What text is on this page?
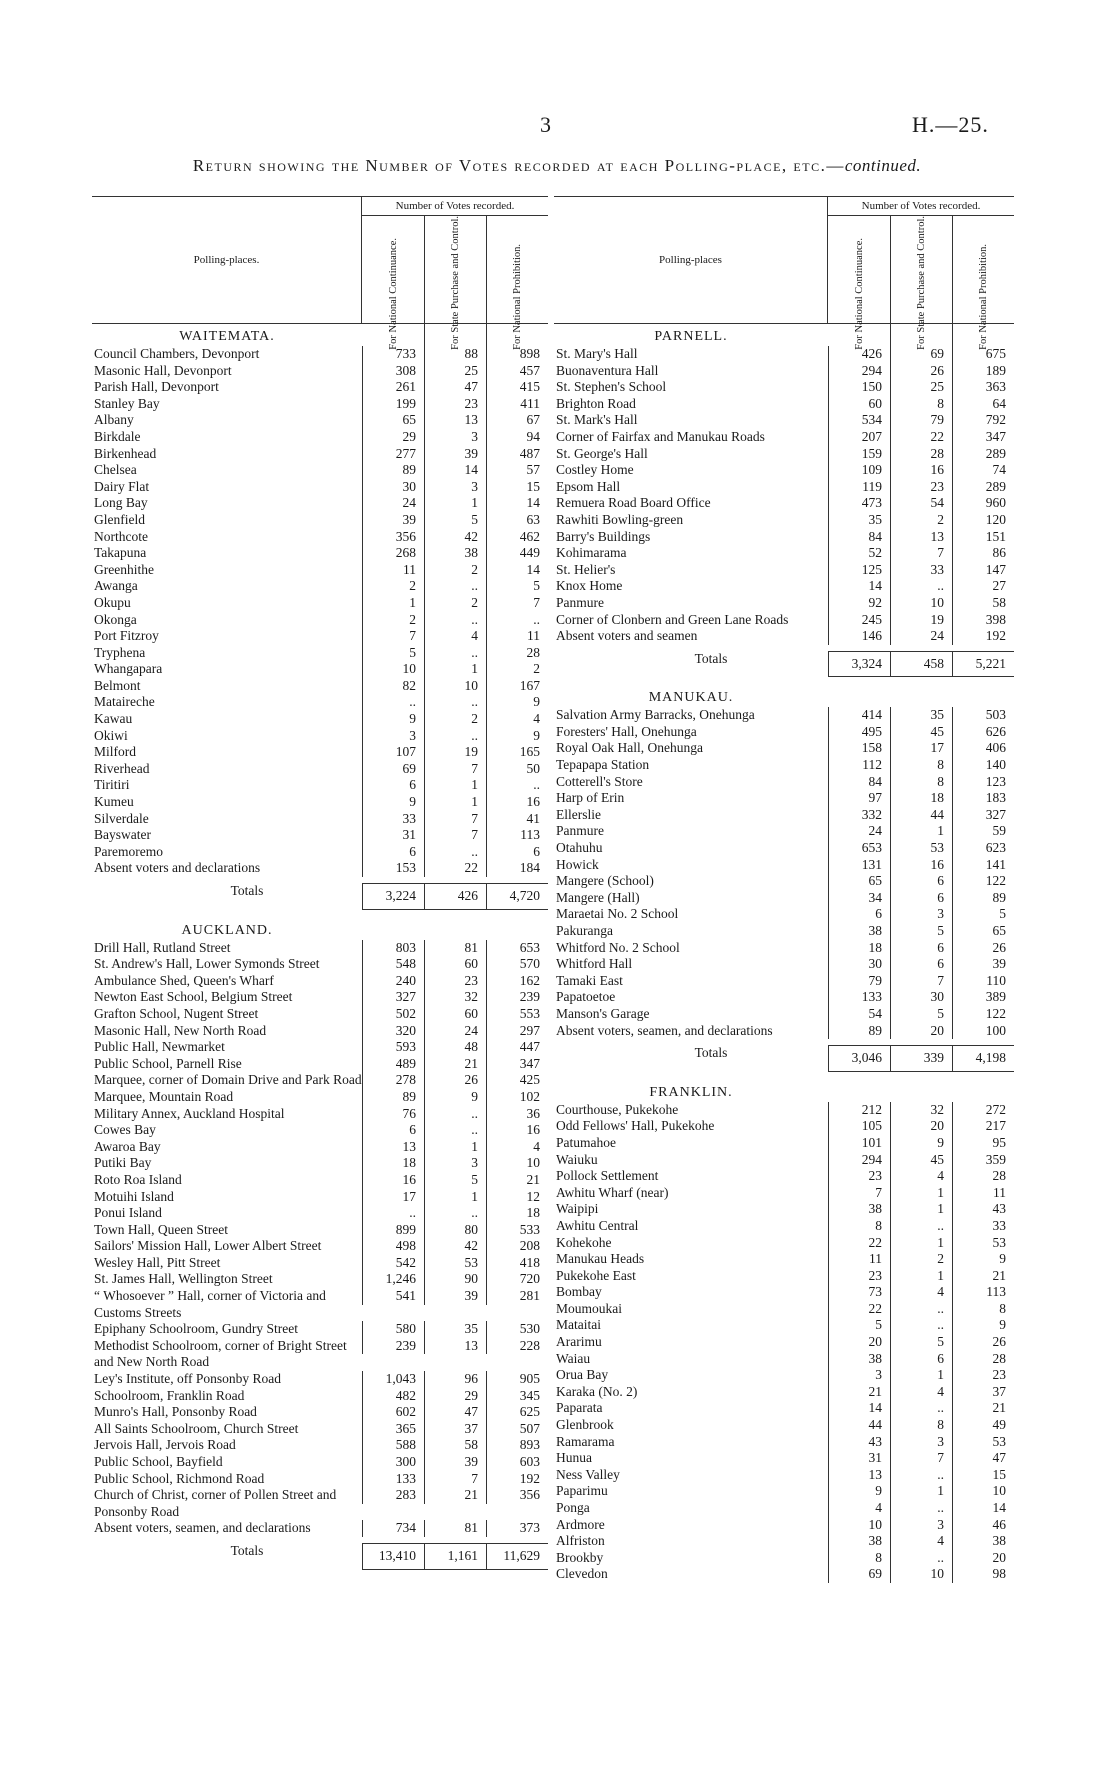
3	H.—25.
Return showing the Number of Votes recorded at each Polling-place, etc.—continued.
Polling-places.
Number of Votes recorded.
For National Continuance.	For State Purchase and Control.	For National Prohibition.
WAITEMATA.
Council Chambers, Devonport	733	88	898
Masonic Hall, Devonport	308	25	457
Parish Hall, Devonport	261	47	415
Stanley Bay	199	23	411
Albany	65	13	67
Birkdale	29	3	94
Birkenhead	277	39	487
Chelsea	89	14	57
Dairy Flat	30	3	15
Long Bay	24	1	14
Glenfield	39	5	63
Northcote	356	42	462
Takapuna	268	38	449
Greenhithe	11	2	14
Awanga	2	..	5
Okupu	1	2	7
Okonga	2	..	..
Port Fitzroy	7	4	11
Tryphena	5	..	28
Whangapara	10	1	2
Belmont	82	10	167
Mataireche	..	..	9
Kawau	9	2	4
Okiwi	3	..	9
Milford	107	19	165
Riverhead	69	7	50
Tiritiri	6	1	..
Kumeu	9	1	16
Silverdale	33	7	41
Bayswater	31	7	113
Paremoremo	6	..	6
Absent voters and declarations	153	22	184
Totals	3,224	426	4,720
AUCKLAND.
Drill Hall, Rutland Street	803	81	653
St. Andrew's Hall, Lower Symonds Street	548	60	570
Ambulance Shed, Queen's Wharf	240	23	162
Newton East School, Belgium Street	327	32	239
Grafton School, Nugent Street	502	60	553
Masonic Hall, New North Road	320	24	297
Public Hall, Newmarket	593	48	447
Public School, Parnell Rise	489	21	347
Marquee, corner of Domain Drive and Park Road	278	26	425
Marquee, Mountain Road	89	9	102
Military Annex, Auckland Hospital	76	..	36
Cowes Bay	6	..	16
Awaroa Bay	13	1	4
Putiki Bay	18	3	10
Roto Roa Island	16	5	21
Motuihi Island	17	1	12
Ponui Island	..	..	18
Town Hall, Queen Street	899	80	533
Sailors' Mission Hall, Lower Albert Street	498	42	208
Wesley Hall, Pitt Street	542	53	418
St. James Hall, Wellington Street	1,246	90	720
“ Whosoever ” Hall, corner of Victoria and Customs Streets
541	39	281
Epiphany Schoolroom, Gundry Street	580	35	530
Methodist Schoolroom, corner of Bright Street and New North Road
239	13	228
Ley's Institute, off Ponsonby Road	1,043	96	905
Schoolroom, Franklin Road	482	29	345
Munro's Hall, Ponsonby Road	602	47	625
All Saints Schoolroom, Church Street	365	37	507
Jervois Hall, Jervois Road	588	58	893
Public School, Bayfield	300	39	603
Public School, Richmond Road	133	7	192
Church of Christ, corner of Pollen Street and Ponsonby Road
283	21	356
Absent voters, seamen, and declarations	734	81	373
Totals	13,410	1,161	11,629
Polling-places
Number of Votes recorded.
For National Continuance.	For State Purchase and Control.	For National Prohibition.
PARNELL.
St. Mary's Hall	426	69	675
Buonaventura Hall	294	26	189
St. Stephen's School	150	25	363
Brighton Road	60	8	64
St. Mark's Hall	534	79	792
Corner of Fairfax and Manukau Roads	207	22	347
St. George's Hall	159	28	289
Costley Home	109	16	74
Epsom Hall	119	23	289
Remuera Road Board Office	473	54	960
Rawhiti Bowling-green	35	2	120
Barry's Buildings	84	13	151
Kohimarama	52	7	86
St. Helier's	125	33	147
Knox Home	14	..	27
Panmure	92	10	58
Corner of Clonbern and Green Lane Roads	245	19	398
Absent voters and seamen	146	24	192
Totals	3,324	458	5,221
MANUKAU.
Salvation Army Barracks, Onehunga	414	35	503
Foresters' Hall, Onehunga	495	45	626
Royal Oak Hall, Onehunga	158	17	406
Tepapapa Station	112	8	140
Cotterell's Store	84	8	123
Harp of Erin	97	18	183
Ellerslie	332	44	327
Panmure	24	1	59
Otahuhu	653	53	623
Howick	131	16	141
Mangere (School)	65	6	122
Mangere (Hall)	34	6	89
Maraetai No. 2 School	6	3	5
Pakuranga	38	5	65
Whitford No. 2 School	18	6	26
Whitford Hall	30	6	39
Tamaki East	79	7	110
Papatoetoe	133	30	389
Manson's Garage	54	5	122
Absent voters, seamen, and declarations	89	20	100
Totals	3,046	339	4,198
FRANKLIN.
Courthouse, Pukekohe	212	32	272
Odd Fellows' Hall, Pukekohe	105	20	217
Patumahoe	101	9	95
Waiuku	294	45	359
Pollock Settlement	23	4	28
Awhitu Wharf (near)	7	1	11
Waipipi	38	1	43
Awhitu Central	8	..	33
Kohekohe	22	1	53
Manukau Heads	11	2	9
Pukekohe East	23	1	21
Bombay	73	4	113
Moumoukai	22	..	8
Mataitai	5	..	9
Ararimu	20	5	26
Waiau	38	6	28
Orua Bay	3	1	23
Karaka (No. 2)	21	4	37
Paparata	14	..	21
Glenbrook	44	8	49
Ramarama	43	3	53
Hunua	31	7	47
Ness Valley	13	..	15
Paparimu	9	1	10
Ponga	4	..	14
Ardmore	10	3	46
Alfriston	38	4	38
Brookby	8	..	20
Clevedon	69	10	98
